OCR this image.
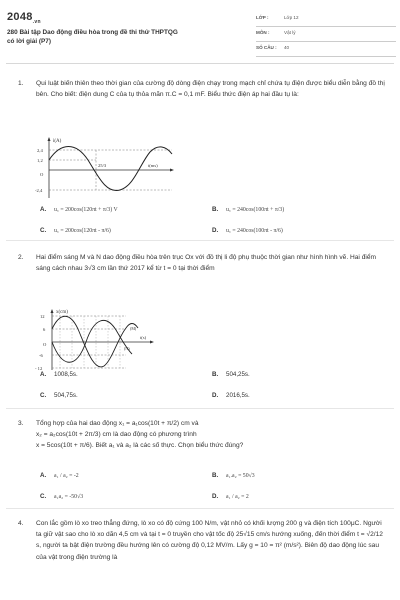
$2048_{.vn}$
280 Bài tập Dao động điều hòa trong đề thi thử THPTQG
có lời giải (P7)
LỚP :	Lớp 12
MÔN :	Vật lý
SỐ CÂU : 40
1. Qui luật biến thiên theo thời gian của cường độ dòng điện chạy trong mạch chỉ chứa tụ điện được biểu diễn bằng đồ thị bên. Cho biết: điện dung C của tụ thỏa mãn π.C = 0,1 mF. Biểu thức điện áp hai đầu tụ là:
i(A)
2,4
1,2
O
-2,4
25/3	t(ms)
A. u꜀ = 200cos(120πt + π/3) V	B. u꜀ = 240cos(100πt + π/3)
C. u꜀ = 200cos(120πt - π/6)	D. u꜀ = 240cos(100πt - π/6)
2. Hai điểm sáng M và N dao động điều hòa trên trục Ox với đồ thị li độ phụ thuộc thời gian như hình hình vẽ. Hai điểm sáng cách nhau 3√3 cm lần thứ 2017 kể từ t = 0 tại thời điểm
x(cm)
12
6
O
-6
- 12
t(s)
(M)
(N)
A. 1008,5s.	B. 504,25s.
C. 504,75s.	D. 2016,5s.
3. Tổng hợp của hai dao động x₁ = a₁cos(10t + π/2) cm và
x₂ = a₂cos(10t + 2π/3) cm là dao động có phương trình
x = 5cos(10t + π/6). Biết a₁ và a₂ là các số thực. Chọn biểu thức đúng?
A. a₁ / a₂ = -2	B. a₁.a₂ = 50√3
C. a₁a₂ = -50√3	D. a₁ / a₂ = 2
4. Con lắc gồm lò xo treo thẳng đứng, lò xo có độ cứng 100 N/m, vật nhỏ có khối lượng 200 g và điện tích 100μC. Người ta giữ vật sao cho lò xo dãn 4,5 cm và tại t = 0 truyền cho vật tốc độ 25√15 cm/s hướng xuống, đến thời điểm t = √2/12 s, người ta bật điện trường đều hướng lên có cường độ 0,12 MV/m. Lấy g = 10 = π² (m/s²). Biên độ dao động lúc sau của vật trong điện trường là
